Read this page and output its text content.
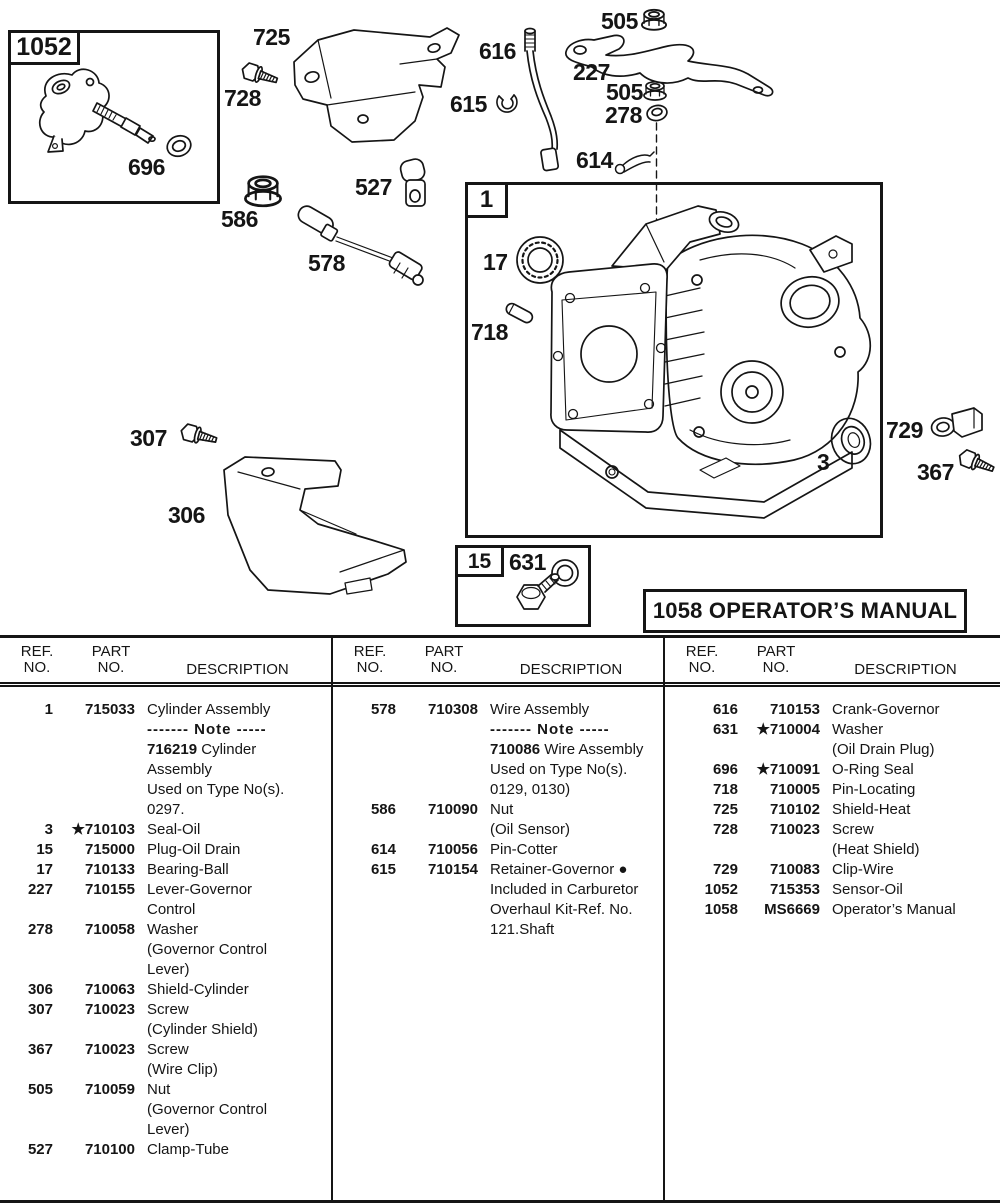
1052
1
15
1058 OPERATOR’S MANUAL
725
728
696
586
527
578
616
615
505
227
505
278
614
307
306
17
718
3
729
367
631
REF.
NO.
PART
NO.	DESCRIPTION
1	715033 Cylinder Assembly
------- Note -----
716219 Cylinder
Assembly
Used on Type No(s).
0297.
3	★710103 Seal-Oil
15	715000 Plug-Oil Drain
17	710133 Bearing-Ball
227	710155 Lever-Governor
Control
278	710058 Washer
(Governor Control
Lever)
306	710063 Shield-Cylinder
307	710023 Screw
(Cylinder Shield)
367	710023 Screw
(Wire Clip)
505	710059 Nut
(Governor Control
Lever)
527	710100 Clamp-Tube
REF.
NO.
PART
NO.	DESCRIPTION
578	710308 Wire Assembly
------- Note -----
710086 Wire Assembly
Used on Type No(s).
0129, 0130)
586	710090 Nut
(Oil Sensor)
614	710056 Pin-Cotter
615	710154 Retainer-Governor ●
Included in Carburetor
Overhaul Kit-Ref. No.
121.Shaft
REF.
NO.
PART
NO.	DESCRIPTION
616	710153 Crank-Governor
631	★710004 Washer
(Oil Drain Plug)
696	★710091 O-Ring Seal
718	710005 Pin-Locating
725	710102 Shield-Heat
728	710023 Screw
(Heat Shield)
729	710083 Clip-Wire
1052	715353 Sensor-Oil
1058	MS6669 Operator’s Manual
